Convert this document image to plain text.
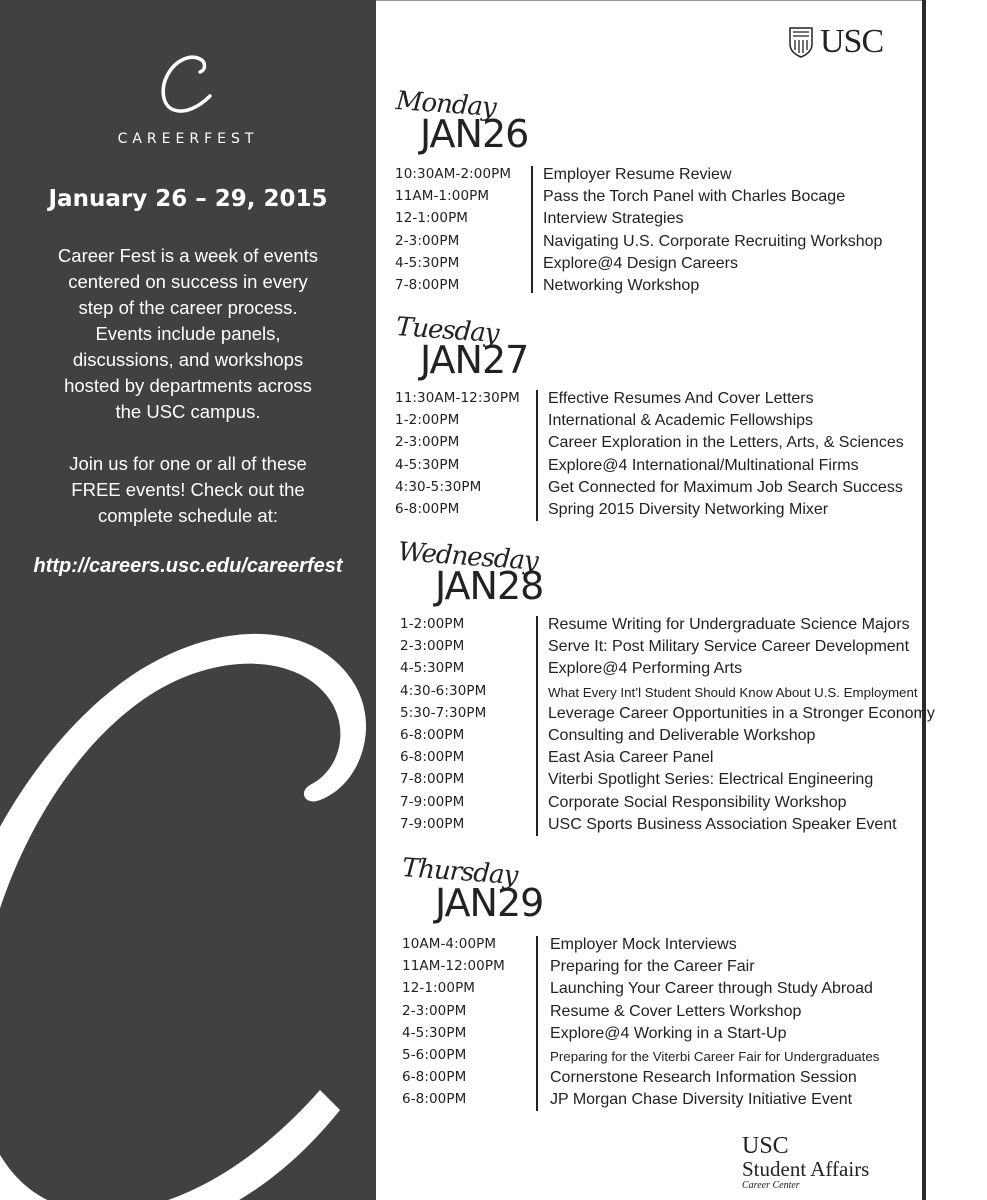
CAREERFEST
January 26 – 29, 2015
Career Fest is a week of events
centered on success in every
step of the career process.
Events include panels,
discussions, and workshops
hosted by departments across
the USC campus.
Join us for one or all of these
FREE events! Check out the
complete schedule at:
http://careers.usc.edu/careerfest
USC
Monday
JAN26
10:30AM-2:00PM Employer Resume Review
11AM-1:00PM	Pass the Torch Panel with Charles Bocage
12-1:00PM	Interview Strategies
2-3:00PM	Navigating U.S. Corporate Recruiting Workshop
4-5:30PM	Explore@4 Design Careers
7-8:00PM	Networking Workshop
Tuesday
JAN27
11:30AM-12:30PM Effective Resumes And Cover Letters
1-2:00PM	International & Academic Fellowships
2-3:00PM	Career Exploration in the Letters, Arts, & Sciences
4-5:30PM	Explore@4 International/Multinational Firms
4:30-5:30PM	Get Connected for Maximum Job Search Success
6-8:00PM	Spring 2015 Diversity Networking Mixer
Wednesday
JAN28
1-2:00PM	Resume Writing for Undergraduate Science Majors
2-3:00PM	Serve It: Post Military Service Career Development
4-5:30PM	Explore@4 Performing Arts
4:30-6:30PM	What Every Int’l Student Should Know About U.S. Employment
5:30-7:30PM	Leverage Career Opportunities in a Stronger Economy
6-8:00PM	Consulting and Deliverable Workshop
6-8:00PM	East Asia Career Panel
7-8:00PM	Viterbi Spotlight Series: Electrical Engineering
7-9:00PM	Corporate Social Responsibility Workshop
7-9:00PM	USC Sports Business Association Speaker Event
Thursday
JAN29
10AM-4:00PM	Employer Mock Interviews
11AM-12:00PM	Preparing for the Career Fair
12-1:00PM	Launching Your Career through Study Abroad
2-3:00PM	Resume & Cover Letters Workshop
4-5:30PM	Explore@4 Working in a Start-Up
5-6:00PM	Preparing for the Viterbi Career Fair for Undergraduates
6-8:00PM	Cornerstone Research Information Session
6-8:00PM	JP Morgan Chase Diversity Initiative Event
USC
Student Affairs
Career Center
